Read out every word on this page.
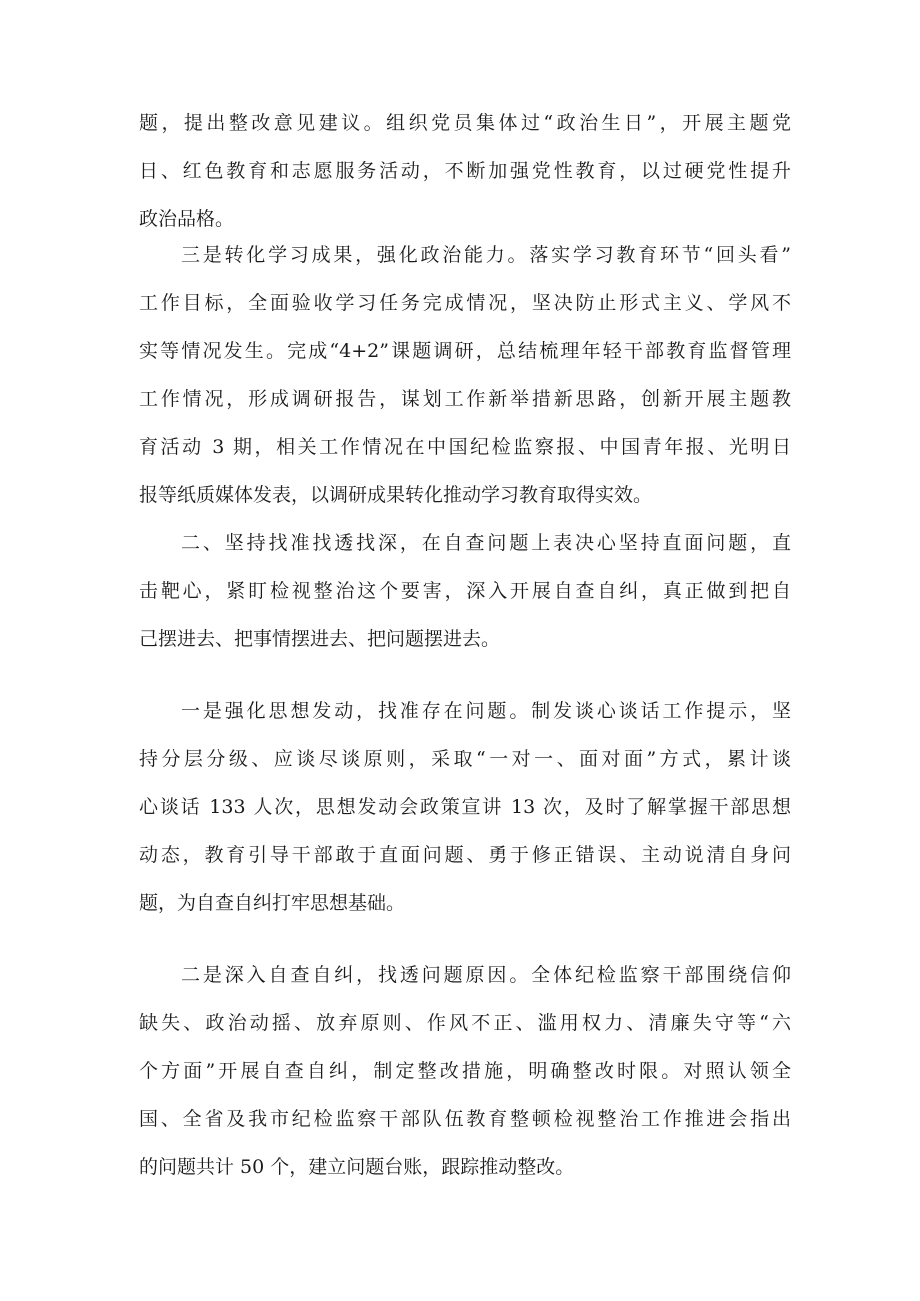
题，提出整改意见建议。组织党员集体过“政治生日”，开展主题党
日、红色教育和志愿服务活动，不断加强党性教育，以过硬党性提升
政治品格。
三是转化学习成果，强化政治能力。落实学习教育环节“回头看”
工作目标，全面验收学习任务完成情况，坚决防止形式主义、学风不
实等情况发生。完成“4+2”课题调研，总结梳理年轻干部教育监督管理
工作情况，形成调研报告，谋划工作新举措新思路，创新开展主题教
育活动 3 期，相关工作情况在中国纪检监察报、中国青年报、光明日
报等纸质媒体发表，以调研成果转化推动学习教育取得实效。
二、坚持找准找透找深，在自查问题上表决心坚持直面问题，直
击靶心，紧盯检视整治这个要害，深入开展自查自纠，真正做到把自
己摆进去、把事情摆进去、把问题摆进去。
一是强化思想发动，找准存在问题。制发谈心谈话工作提示，坚
持分层分级、应谈尽谈原则，采取“一对一、面对面”方式，累计谈
心谈话 133 人次，思想发动会政策宣讲 13 次，及时了解掌握干部思想
动态，教育引导干部敢于直面问题、勇于修正错误、主动说清自身问
题，为自查自纠打牢思想基础。
二是深入自查自纠，找透问题原因。全体纪检监察干部围绕信仰
缺失、政治动摇、放弃原则、作风不正、滥用权力、清廉失守等“六
个方面”开展自查自纠，制定整改措施，明确整改时限。对照认领全
国、全省及我市纪检监察干部队伍教育整顿检视整治工作推进会指出
的问题共计 50 个，建立问题台账，跟踪推动整改。
